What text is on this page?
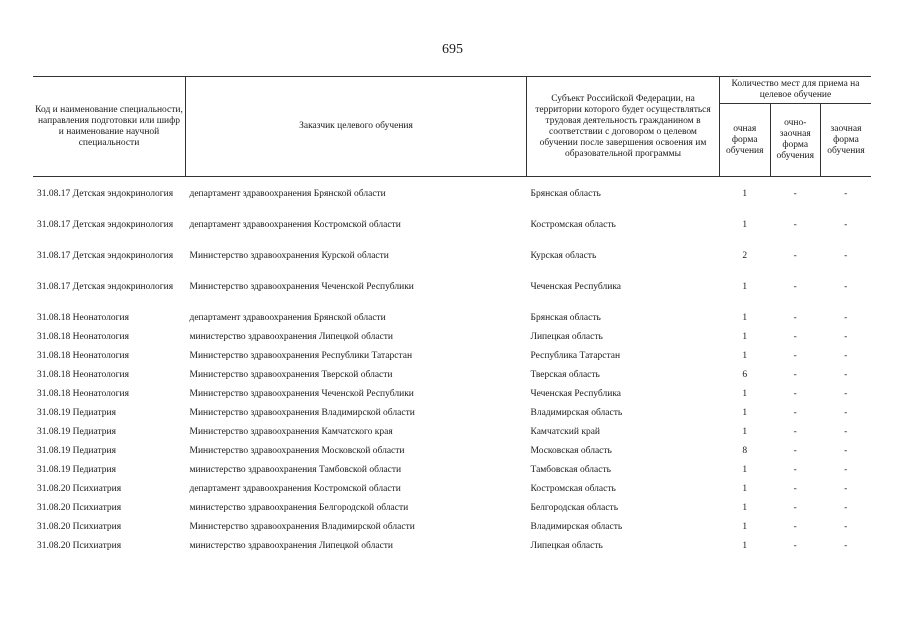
695
Код и наименование специальности, направления подготовки или шифр и наименование научной специальности	Заказчик целевого обучения	Субъект Российской Федерации, на территории которого будет осуществляться трудовая деятельность гражданином в соответствии с договором о целевом обучении после завершения освоения им образовательной программы	Количество мест для приема на целевое обучение		
			очная форма обучения	очно-заочная форма обучения	заочная форма обучения

31.08.17 Детская эндокринология	департамент здравоохранения Брянской области	Брянская область	1	-	-
31.08.17 Детская эндокринология	департамент здравоохранения Костромской области	Костромская область	1	-	-
31.08.17 Детская эндокринология	Министерство здравоохранения Курской области	Курская область	2	-	-
31.08.17 Детская эндокринология	Министерство здравоохранения Чеченской Республики	Чеченская Республика	1	-	-
31.08.18 Неонатология	департамент здравоохранения Брянской области	Брянская область	1	-	-
31.08.18 Неонатология	министерство здравоохранения Липецкой области	Липецкая область	1	-	-
31.08.18 Неонатология	Министерство здравоохранения Республики Татарстан	Республика Татарстан	1	-	-
31.08.18 Неонатология	Министерство здравоохранения Тверской области	Тверская область	6	-	-
31.08.18 Неонатология	Министерство здравоохранения Чеченской Республики	Чеченская Республика	1	-	-
31.08.19 Педиатрия	Министерство здравоохранения Владимирской области	Владимирская область	1	-	-
31.08.19 Педиатрия	Министерство здравоохранения Камчатского края	Камчатский край	1	-	-
31.08.19 Педиатрия	Министерство здравоохранения Московской области	Московская область	8	-	-
31.08.19 Педиатрия	министерство здравоохранения Тамбовской области	Тамбовская область	1	-	-
31.08.20 Психиатрия	департамент здравоохранения Костромской области	Костромская область	1	-	-
31.08.20 Психиатрия	министерство здравоохранения Белгородской области	Белгородская область	1	-	-
31.08.20 Психиатрия	Министерство здравоохранения Владимирской области	Владимирская область	1	-	-
31.08.20 Психиатрия	министерство здравоохранения Липецкой области	Липецкая область	1	-	-
